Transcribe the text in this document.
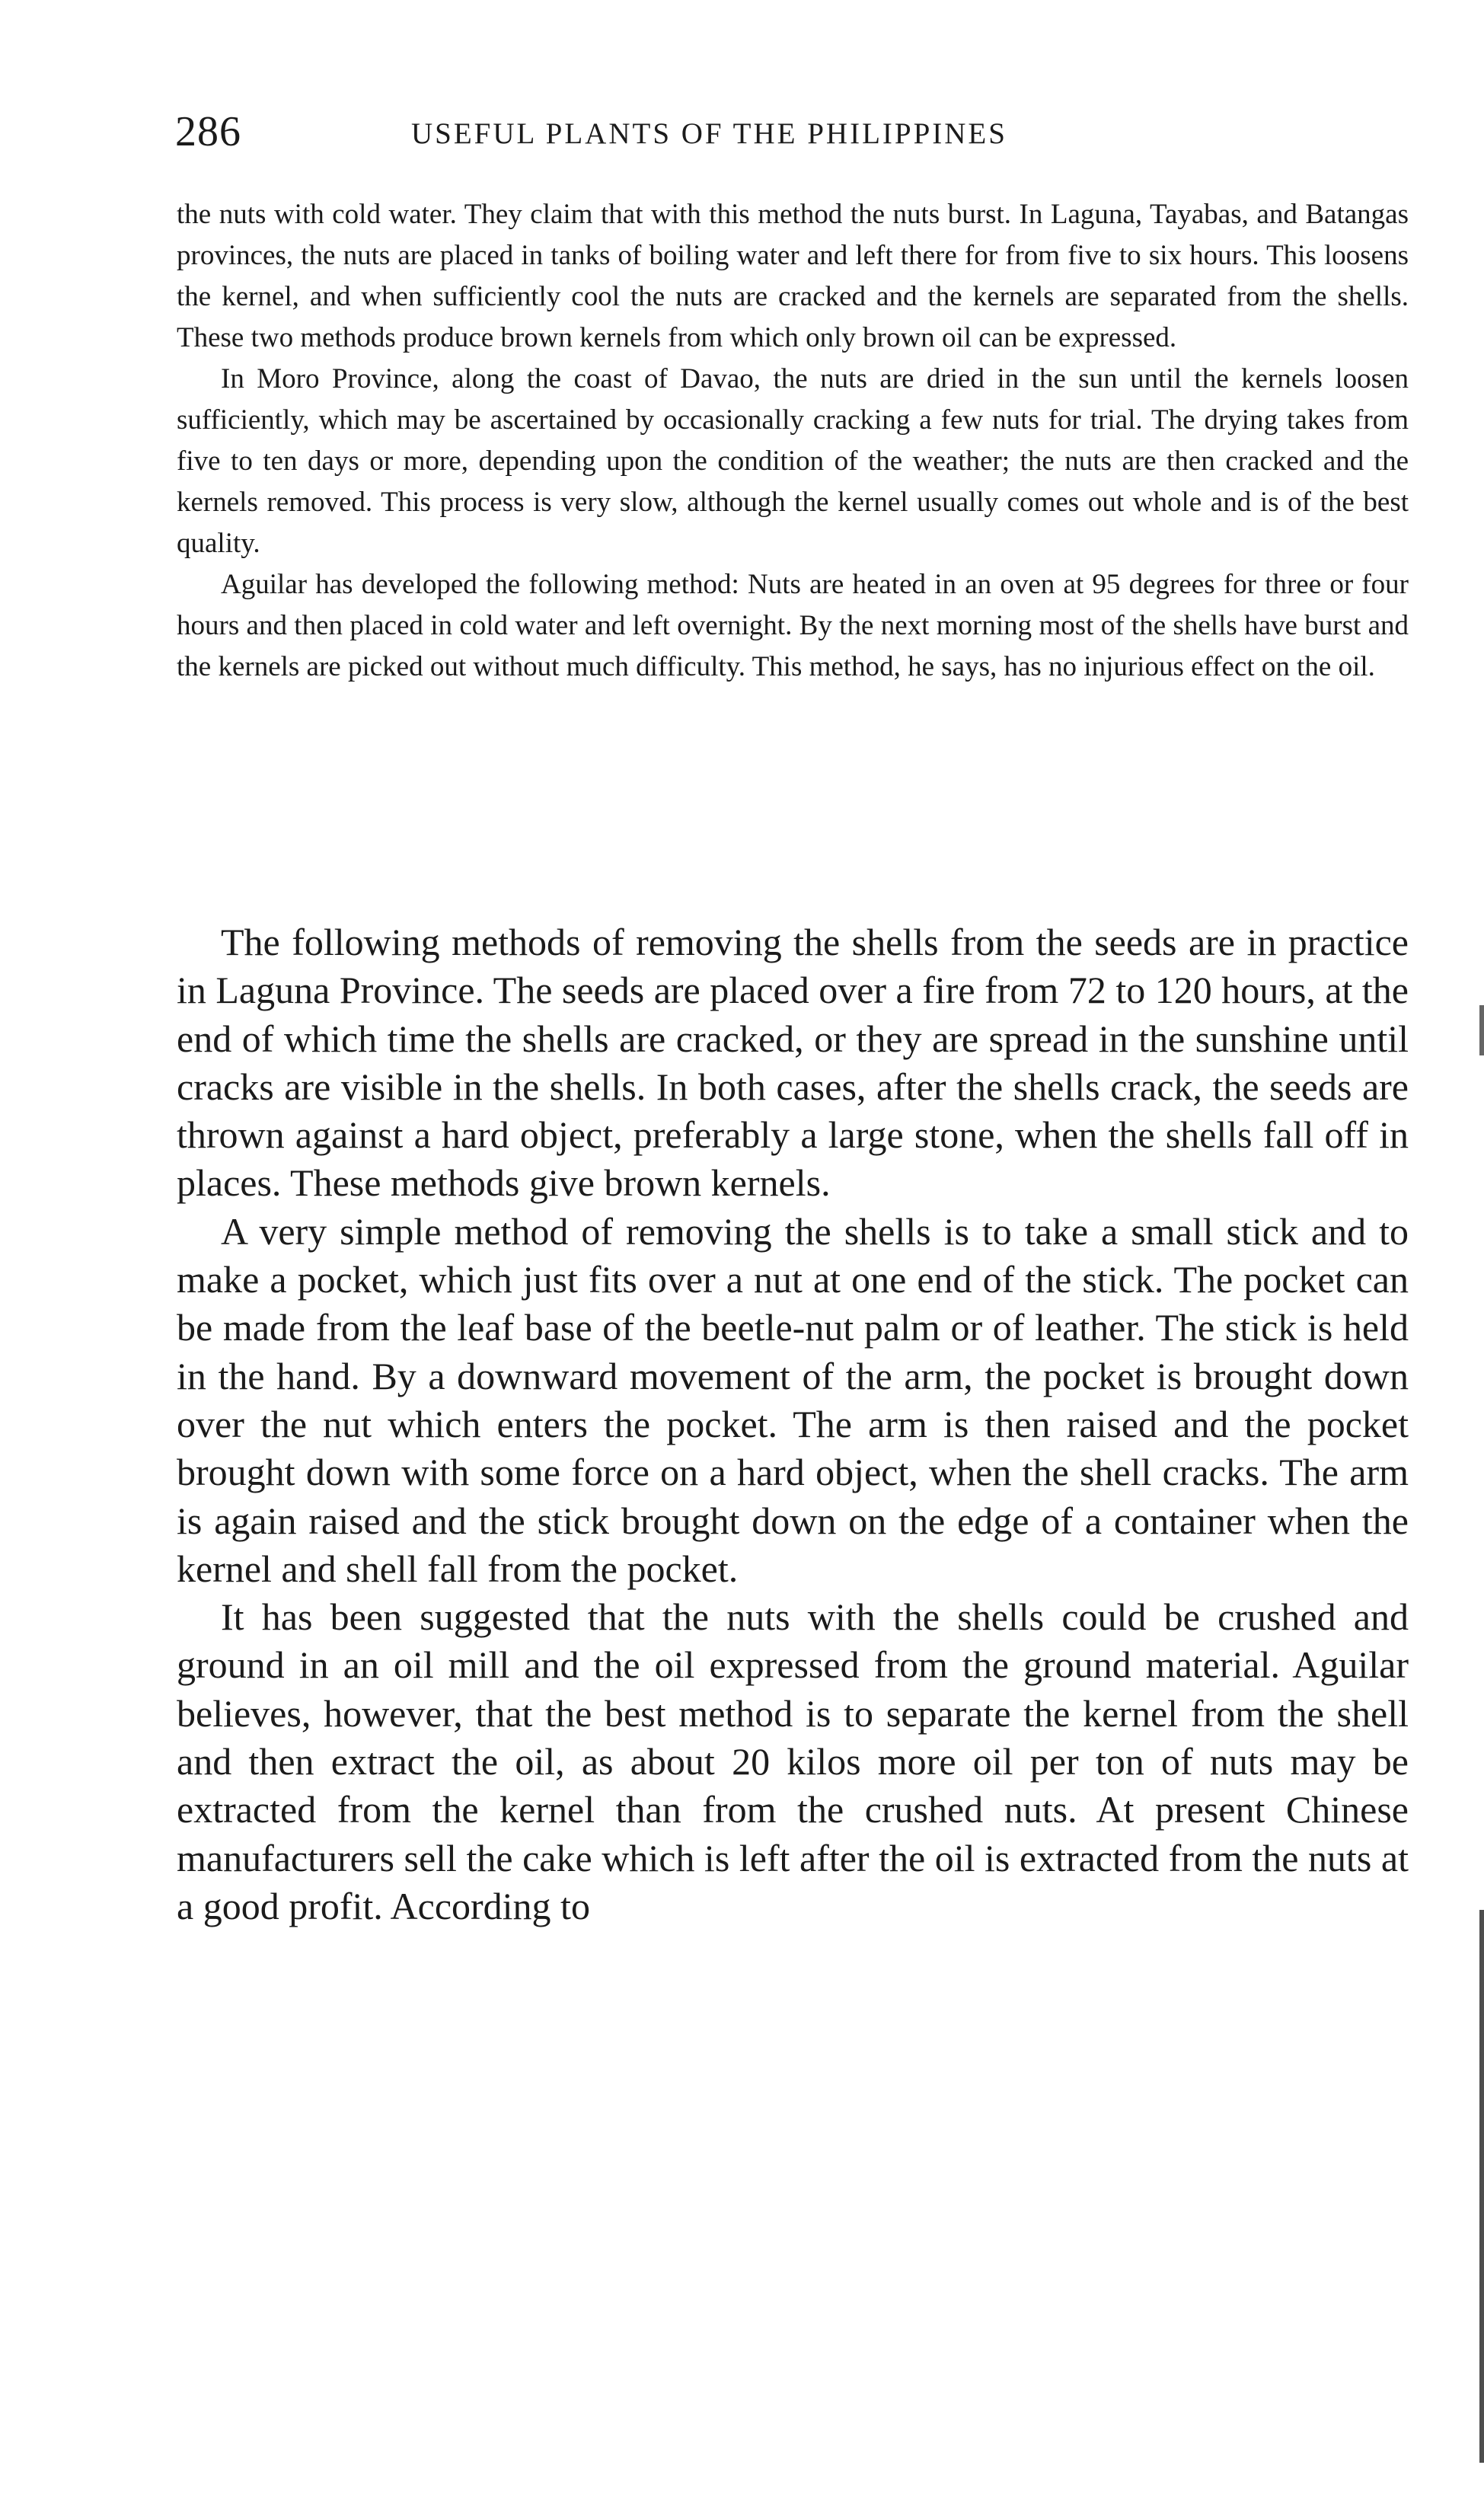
286	USEFUL PLANTS OF THE PHILIPPINES

the nuts with cold water. They claim that with this method the nuts burst. In Laguna, Tayabas, and Batangas provinces, the nuts are placed in tanks of boiling water and left there for from five to six hours. This loosens the kernel, and when sufficiently cool the nuts are cracked and the kernels are separated from the shells. These two methods produce brown kernels from which only brown oil can be expressed.

In Moro Province, along the coast of Davao, the nuts are dried in the sun until the kernels loosen sufficiently, which may be ascertained by occasionally cracking a few nuts for trial. The drying takes from five to ten days or more, depending upon the condition of the weather; the nuts are then cracked and the kernels removed. This process is very slow, although the kernel usually comes out whole and is of the best quality.

Aguilar has developed the following method: Nuts are heated in an oven at 95 degrees for three or four hours and then placed in cold water and left overnight. By the next morning most of the shells have burst and the kernels are picked out without much difficulty. This method, he says, has no injurious effect on the oil.

The following methods of removing the shells from the seeds are in practice in Laguna Province. The seeds are placed over a fire from 72 to 120 hours, at the end of which time the shells are cracked, or they are spread in the sunshine until cracks are visible in the shells. In both cases, after the shells crack, the seeds are thrown against a hard object, preferably a large stone, when the shells fall off in places. These methods give brown kernels.

A very simple method of removing the shells is to take a small stick and to make a pocket, which just fits over a nut at one end of the stick. The pocket can be made from the leaf base of the beetle-nut palm or of leather. The stick is held in the hand. By a downward movement of the arm, the pocket is brought down over the nut which enters the pocket. The arm is then raised and the pocket brought down with some force on a hard object, when the shell cracks. The arm is again raised and the stick brought down on the edge of a container when the kernel and shell fall from the pocket.

It has been suggested that the nuts with the shells could be crushed and ground in an oil mill and the oil expressed from the ground material. Aguilar believes, however, that the best method is to separate the kernel from the shell and then extract the oil, as about 20 kilos more oil per ton of nuts may be extracted from the kernel than from the crushed nuts. At present Chinese manufacturers sell the cake which is left after the oil is extracted from the nuts at a good profit. According to
